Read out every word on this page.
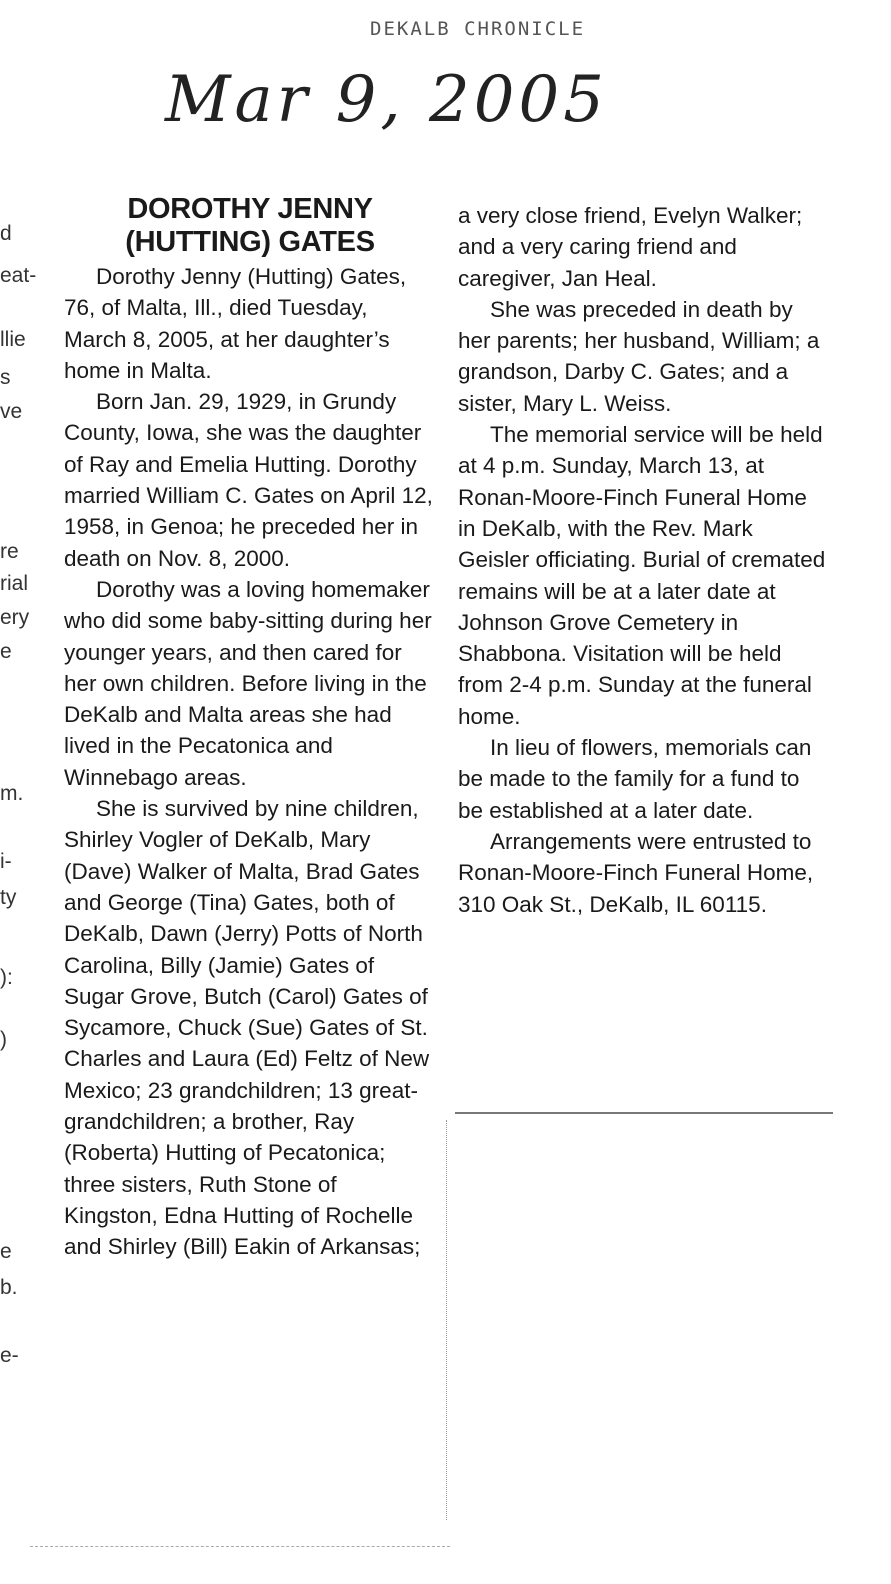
DEKALB CHRONICLE
Mar 9, 2005
d
eat-
llie
s
ve
re
rial
ery
e
m.
i-
ty
):
)
e
b.
e-
DOROTHY JENNY
(HUTTING) GATES

Dorothy Jenny (Hutting) Gates, 76, of Malta, Ill., died Tuesday, March 8, 2005, at her daughter’s home in Malta.

Born Jan. 29, 1929, in Grundy County, Iowa, she was the daughter of Ray and Emelia Hutting. Dorothy married William C. Gates on April 12, 1958, in Genoa; he preceded her in death on Nov. 8, 2000.

Dorothy was a loving homemaker who did some baby-sitting during her younger years, and then cared for her own children. Before living in the DeKalb and Malta areas she had lived in the Pecatonica and Winnebago areas.

She is survived by nine children, Shirley Vogler of DeKalb, Mary (Dave) Walker of Malta, Brad Gates and George (Tina) Gates, both of DeKalb, Dawn (Jerry) Potts of North Carolina, Billy (Jamie) Gates of Sugar Grove, Butch (Carol) Gates of Sycamore, Chuck (Sue) Gates of St. Charles and Laura (Ed) Feltz of New Mexico; 23 grandchildren; 13 great-grandchildren; a brother, Ray (Roberta) Hutting of Pecatonica; three sisters, Ruth Stone of Kingston, Edna Hutting of Rochelle and Shirley (Bill) Eakin of Arkansas;

a very close friend, Evelyn Walker; and a very caring friend and caregiver, Jan Heal.

She was preceded in death by her parents; her husband, William; a grandson, Darby C. Gates; and a sister, Mary L. Weiss.

The memorial service will be held at 4 p.m. Sunday, March 13, at Ronan-Moore-Finch Funeral Home in DeKalb, with the Rev. Mark Geisler officiating. Burial of cremated remains will be at a later date at Johnson Grove Cemetery in Shabbona. Visitation will be held from 2-4 p.m. Sunday at the funeral home.

In lieu of flowers, memorials can be made to the family for a fund to be established at a later date.

Arrangements were entrusted to Ronan-Moore-Finch Funeral Home, 310 Oak St., DeKalb, IL 60115.
